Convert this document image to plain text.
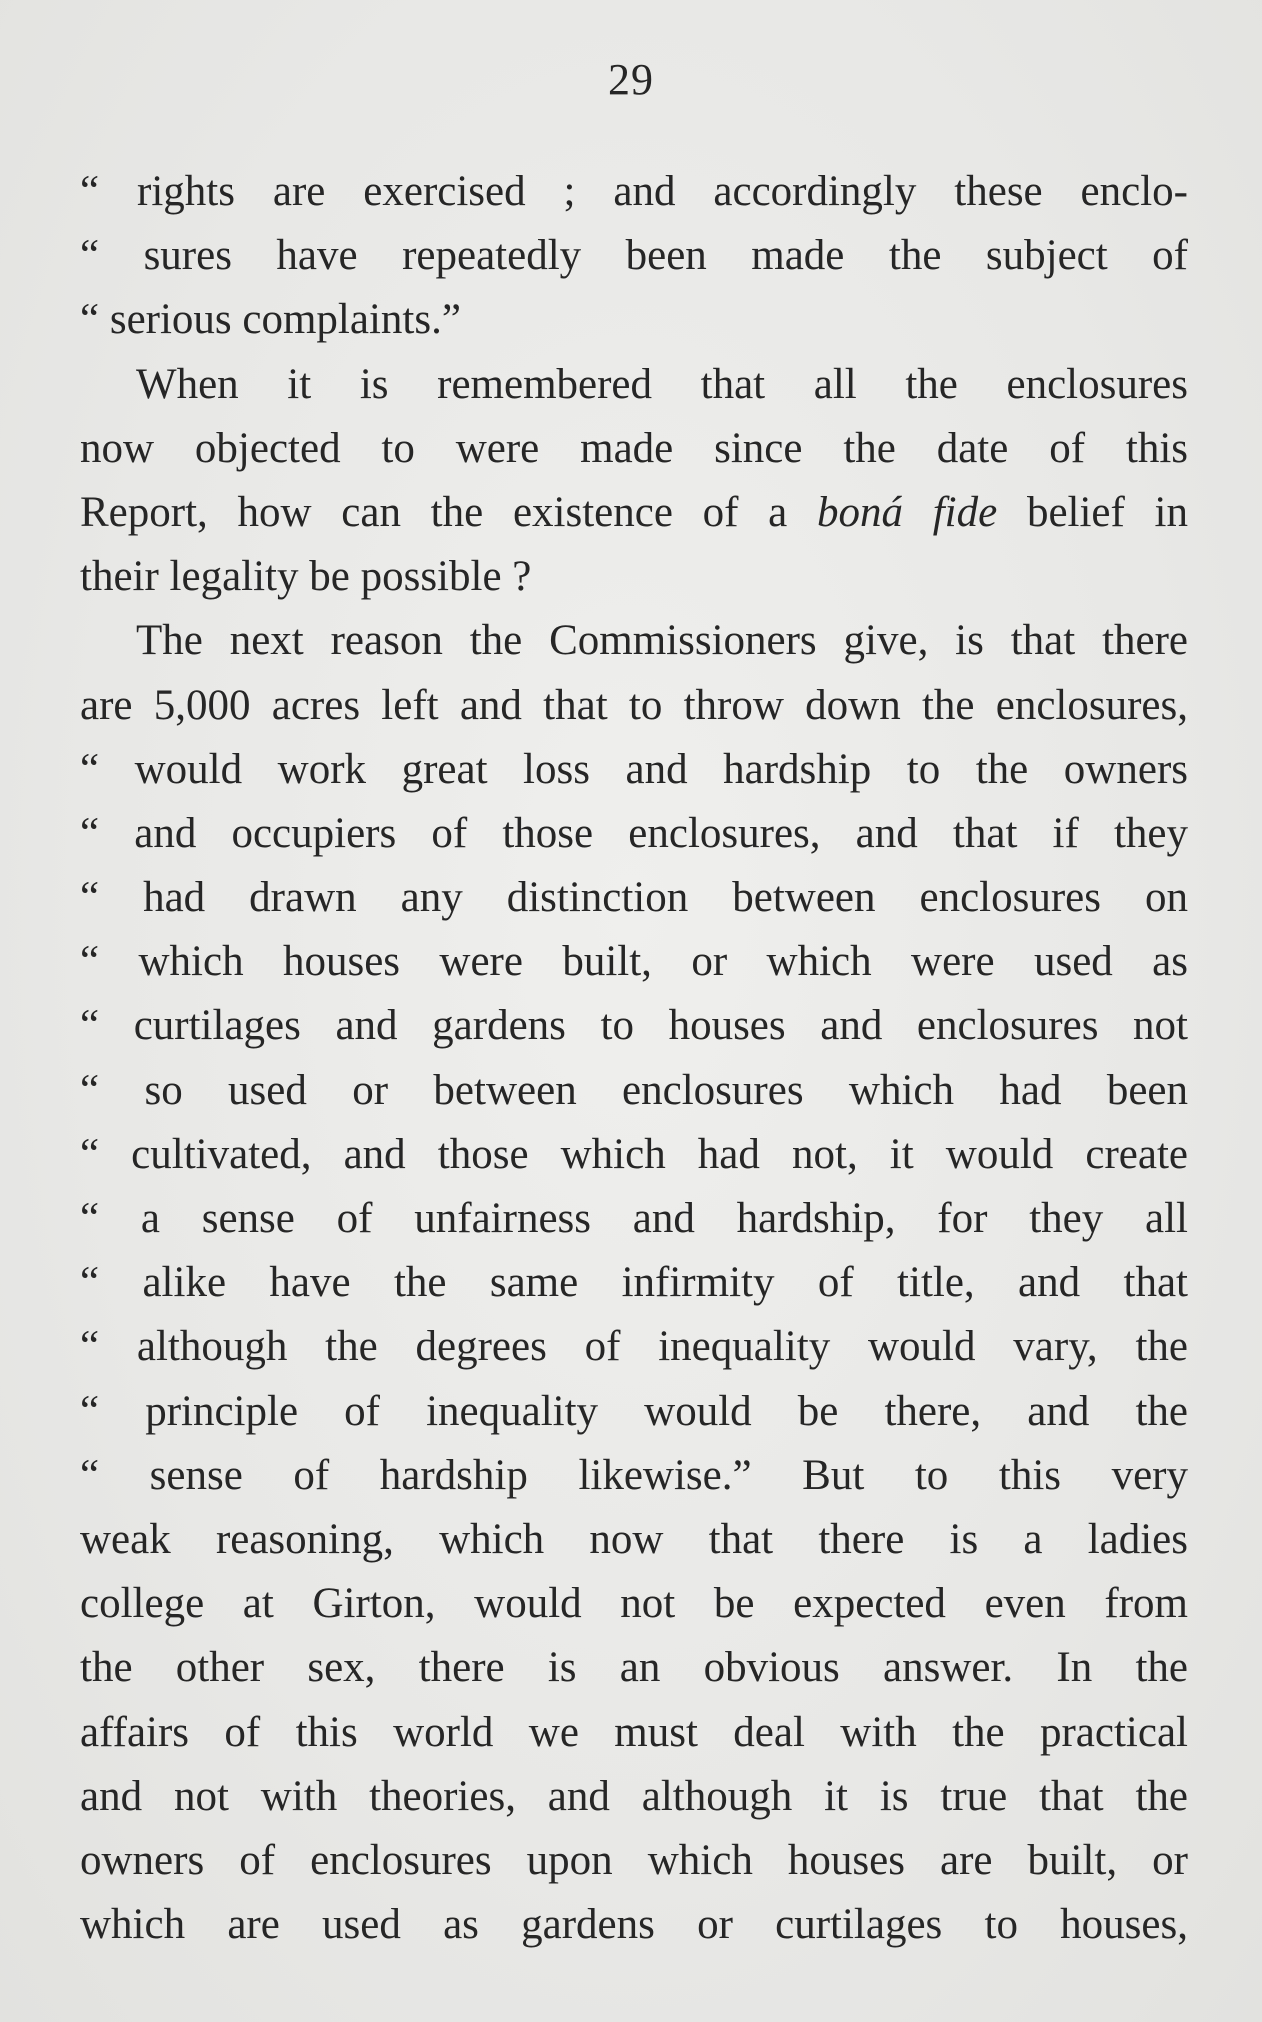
29
“ rights are exercised ; and accordingly these enclo-
“ sures have repeatedly been made the subject of
“ serious complaints.”
When it is remembered that all the enclosures
now objected to were made since the date of this
Report, how can the existence of a boná fide belief in
their legality be possible ?
The next reason the Commissioners give, is that there
are 5,000 acres left and that to throw down the enclosures,
“ would work great loss and hardship to the owners
“ and occupiers of those enclosures, and that if they
“ had drawn any distinction between enclosures on
“ which houses were built, or which were used as
“ curtilages and gardens to houses and enclosures not
“ so used or between enclosures which had been
“ cultivated, and those which had not, it would create
“ a sense of unfairness and hardship, for they all
“ alike have the same infirmity of title, and that
“ although the degrees of inequality would vary, the
“ principle of inequality would be there, and the
“ sense of hardship likewise.” But to this very
weak reasoning, which now that there is a ladies
college at Girton, would not be expected even from
the other sex, there is an obvious answer. In the
affairs of this world we must deal with the practical
and not with theories, and although it is true that the
owners of enclosures upon which houses are built, or
which are used as gardens or curtilages to houses,
